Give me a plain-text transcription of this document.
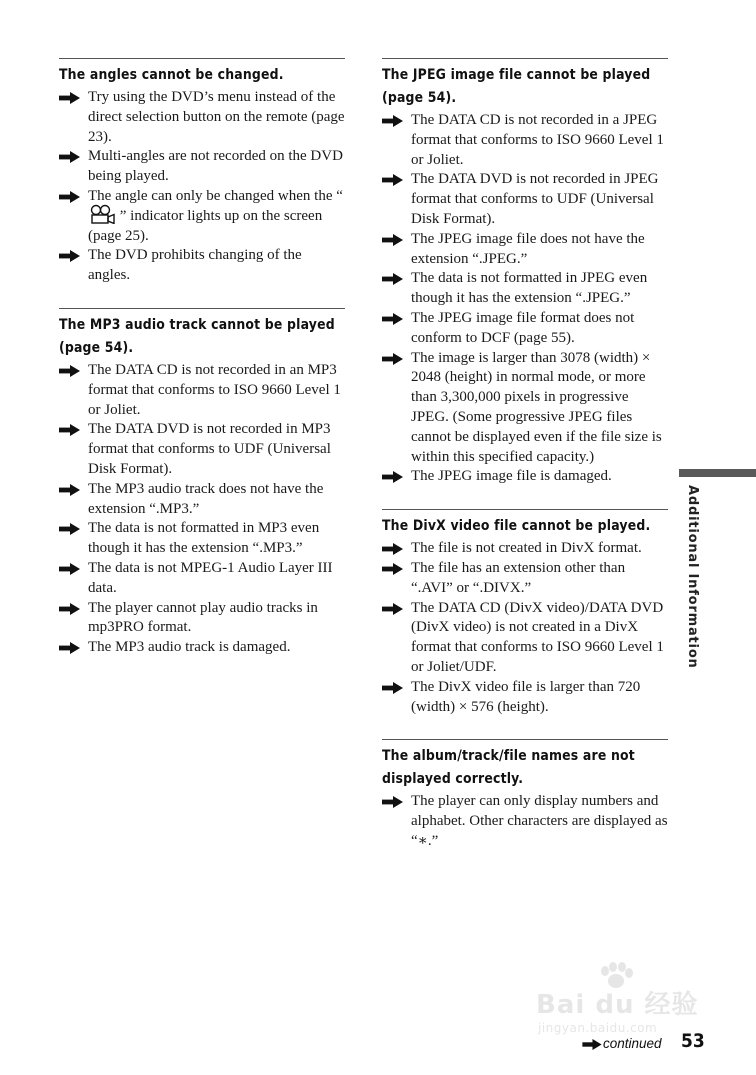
The angles cannot be changed.
Try using the DVD’s menu instead of the direct selection button on the remote (page 23).
Multi-angles are not recorded on the DVD being played.
The angle can only be changed when the “ ” indicator lights up on the screen (page 25).
The DVD prohibits changing of the angles.
The MP3 audio track cannot be played (page 54).
The DATA CD is not recorded in an MP3 format that conforms to ISO 9660 Level 1 or Joliet.
The DATA DVD is not recorded in MP3 format that conforms to UDF (Universal Disk Format).
The MP3 audio track does not have the extension “.MP3.”
The data is not formatted in MP3 even though it has the extension “.MP3.”
The data is not MPEG-1 Audio Layer III data.
The player cannot play audio tracks in mp3PRO format.
The MP3 audio track is damaged.
The JPEG image file cannot be played (page 54).
The DATA CD is not recorded in a JPEG format that conforms to ISO 9660 Level 1 or Joliet.
The DATA DVD is not recorded in JPEG format that conforms to UDF (Universal Disk Format).
The JPEG image file does not have the extension “.JPEG.”
The data is not formatted in JPEG even though it has the extension “.JPEG.”
The JPEG image file format does not conform to DCF (page 55).
The image is larger than 3078 (width) × 2048 (height) in normal mode, or more than 3,300,000 pixels in progressive JPEG. (Some progressive JPEG files cannot be displayed even if the file size is within this specified capacity.)
The JPEG image file is damaged.
The DivX video file cannot be played.
The file is not created in DivX format.
The file has an extension other than “.AVI” or “.DIVX.”
The DATA CD (DivX video)/DATA DVD (DivX video) is not created in a DivX format that conforms to ISO 9660 Level 1 or Joliet/UDF.
The DivX video file is larger than 720 (width) × 576 (height).
The album/track/file names are not displayed correctly.
The player can only display numbers and alphabet. Other characters are displayed as “∗.”
Additional Information
Bai du 经验
jingyan.baidu.com
continued 53
